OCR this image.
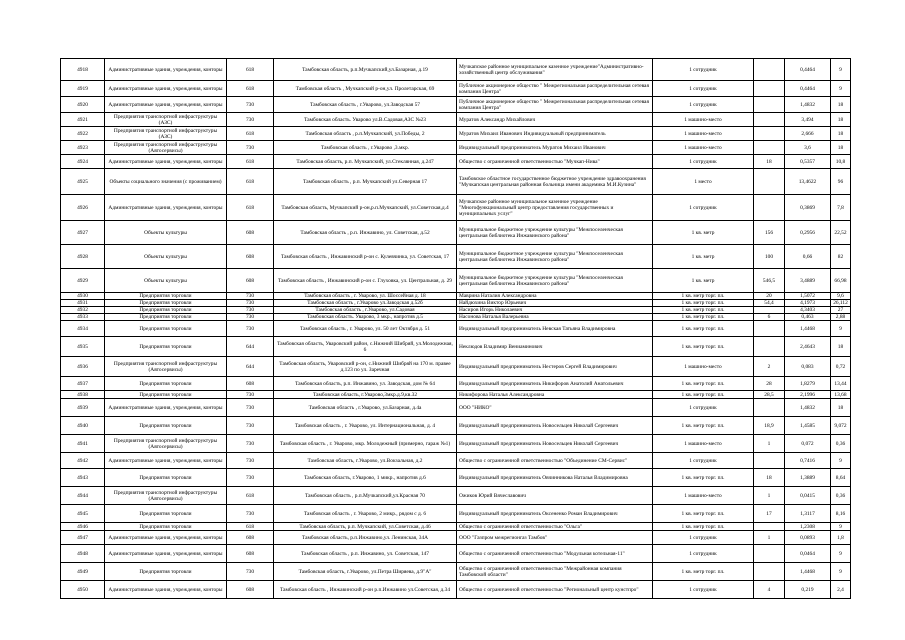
4918	Административные здания, учреждения, конторы	618	Тамбовская область, р.п.Мучкапский,ул.Базарная, д.19	Мучкапское районное муниципальное казенное учреждение"Административно-хозяйственный центр обслуживания"	1 сотрудник		0,4464	9
4919	Административные здания, учреждения, конторы	618	Тамбовская область , Мучкапский р-он,ул. Пролетарская, 69	Публичное акционерное общество " Межрегиональная распределительная сетевая компания Центра"	1 сотрудник		0,4464	9
4920	Административные здания, учреждения, конторы	730	Тамбовская область , г.Уварово, ул.Заводская 57	Публичное акционерное общество " Межрегиональная распределительная сетевая компания Центра"	1 сотрудник		1,4832	18
4921	Предприятия транспортной инфраструктуры (АЗС)	730	Тамбовская область. Уварово ул.В.Садовая,АЗС №23	Муратов Александр Михайлович	1 машино-место		3,494	18
4922	Предприятия транспортной инфраструктуры (АЗС)	618	Тамбовская область , р.п.Мучкапский, ул.Победы, 2	Муратов Михаил Иванович Индивидуальный предприниматель	1 машино-место		2,666	18
4923	Предприятия транспортной инфраструктуры (Автосервисы)	730	Тамбовская область , г.Уварово ,3.мкр.	Индивидуальный предприниматель Муратов Михаил Иванович	1 машино-место		3,6	18
4924	Административные здания, учреждения, конторы	618	Тамбовская область, р.п. Мучкапский, ул.Стеклянная, д.247	Общество с ограниченной ответственностью "Мучкап-Нива"	1 сотрудник	18	0,5357	10,8
4925	Объекты социального значения (с проживанием)	618	Тамбовская область , р.п. Мучкапский ул.Северная 17	Тамбовское областное государственное бюджетное учреждение здравоохранения "Мучкапская центральная районная больница имени академика М.И.Кузина"	1 место		13,4622	96
4926	Административные здания, учреждения, конторы	618	Тамбовская область, Мучкапский р-он,р.п.Мучкапский, ул.Советская,д.4	Мучкапское районное муниципальное казенное учреждение "Многофункциональный центр предоставления государственных и муниципальных услуг"	1 сотрудник		0,3869	7,8
4927	Объекты культуры	608	Тамбовская область , р.п. Инжавино, ул. Советская, д.52	Муниципальное бюджетное учреждение культуры "Межпоселенческая центральная библиотека Инжавинского района"	1 кв. метр	156	0,2956	22,52
4928	Объекты культуры	608	Тамбовская область , Инжавинский р-он с. Кулевчинка, ул. Советская, 17	Муниципальное бюджетное учреждение культуры "Межпоселенческая центральная библиотека Инжавинского района"	1 кв. метр	100	0,66	82
4929	Объекты культуры	608	Тамбовская область , Инжавинский р-он с. Глуховка, ул. Центральная, д. 29	Муниципальное бюджетное учреждение культуры "Межпоселенческая центральная библиотека Инжавинского района"	1 кв. метр	546,5	3,4889	66,98
4930	Предприятия торговли	730	Тамбовская область , г. Уварово, ул. Шоссейная д. 18	Маврина Наталия Александровна	1 кв. метр торг. пл.	20	1,5072	9,6
4931	Предприятия торговли	730	Тамбовская область , г.Уварово ул.Заводская д.52б	Найдюхина Виктор Юрьевич	1 кв. метр торг. пл.	54,4	4,1973	26,112
4932	Предприятия торговли	730	Тамбовская область , г.Уварово, ул.Садовая	Насиров Игорь Николаевич	1 кв. метр торг. пл.		4,3403	27
4933	Предприятия торговли	730	Тамбовская область. Уварово, 3 мкр., напротив д.5	Насонова Наталья Валерьевна	1 кв. метр торг. пл.	6	0,463	2,88
4934	Предприятия торговли	730	Тамбовская область , г. Уварово, ул. 50 лет Октября д. 51	Индивидуальный предприниматель Невская Татьяна Владимировна	1 кв. метр торг. пл.		1,4468	9
4935	Предприятия торговли	644	Тамбовская область, Уваровский район, с.Нижний Шибряй, ул.Молодежная, 6	Неклюдов Владимир Вениаминович	1 кв. метр торг. пл.		2,4643	18
4936	Предприятия транспортной инфраструктуры (Автосервисы)	644	Тамбовская область, Уваровский р-он, с.Нижний Шибряй на 170 м. правее д.123 по ул. Заречная	Индивидуальный предприниматель Нестеров Сергей Владимирович	1 машино-место	2	0,083	0,72
4937	Предприятия торговли	608	Тамбовская область, р.п. Инжавино, ул. Заводская, дом № 64	Индивидуальный предприниматель Никифоров Анатолий Анатольевич	1 кв. метр торг. пл.	28	1,8279	13,44
4938	Предприятия торговли	730	Тамбовская область, г.Уварово,3мкр.д.9,кв.32	Никифорова Наталья Александровна	1 кв. метр торг. пл.	28,5	2,1996	13,68
4939	Административные здания, учреждения, конторы	730	Тамбовская область , г.Уварово, ул.Базарная, д.4а	ООО "НИКО"	1 сотрудник		1,4832	18
4940	Предприятия торговли	730	Тамбовская область , г. Уварово, ул. Интернациональная, д. 4	Индивидуальный предприниматель Новосельцев Николай Сергеевич	1 кв. метр торг. пл.	18,9	1,4585	9,072
4941	Предприятия транспортной инфраструктуры (Автосервисы)	730	Тамбовская область , г. Уварово, мкр. Молодежный (примерно, гараж №1)	Индивидуальный предприниматель Новосельцев Николай Сергеевич	1 машино-место	1	0,072	0,36
4942	Административные здания, учреждения, конторы	730	Тамбовская область, г.Уварово, ул.Вокзальная, д.2	Общество с ограниченной ответственностью "Объединение СМ-Сервис"	1 сотрудник		0,7416	9
4943	Предприятия торговли	730	Тамбовская область, г.Уварово, 1 микр., напротив д.6	Индивидуальный предприниматель Овчинникова Наталья Владимировна	1 кв. метр торг. пл.	18	1,3889	8,64
4944	Предприятия транспортной инфраструктуры (Автосервисы)	618	Тамбовская область , р.п.Мучкапский,ул.Красная 70	Ожиков Юрий Вячеславович	1 машино-место	1	0,0415	0,36
4945	Предприятия торговли	730	Тамбовская область , г. Уварово, 2 микр., рядом с д. 6	Индивидуальный предприниматель Оксененко Роман Владимирович	1 кв. метр торг. пл.	17	1,3117	8,16
4946	Предприятия торговли	618	Тамбовская область, р.п. Мучкапский, ул.Советская, д.46	Общество с ограниченной ответственностью "Ольга"	1 кв. метр торг. пл.		1,2308	9
4947	Административные здания, учреждения, конторы	608	Тамбовская область, р.п.Инжавино,ул. Ленинская, 34А	ООО "Газпром межрегионгаз Тамбов"	1 сотрудник	1	0,0893	1,8
4948	Административные здания, учреждения, конторы	608	Тамбовская область , р.п. Инжавино, ул. Советская, 147	Общество с ограниченной ответственностью "Модульная котельная-11"	1 сотрудник		0,0464	9
4949	Предприятия торговли	730	Тамбовская область, г.Уварово, ул.Петра Ширяева, д.9"А"	Общество с ограниченной ответственностью "Межрайонная компания Тамбовской области"	1 кв. метр торг. пл.		1,4468	9
4950	Административные здания, учреждения, конторы	608	Тамбовская область , Инжавинский р-он р.п.Инжавино ул.Советская, д.34	Общество с ограниченной ответственностью "Региональный центр кунстпро"	1 сотрудник	4	0,219	2,4
